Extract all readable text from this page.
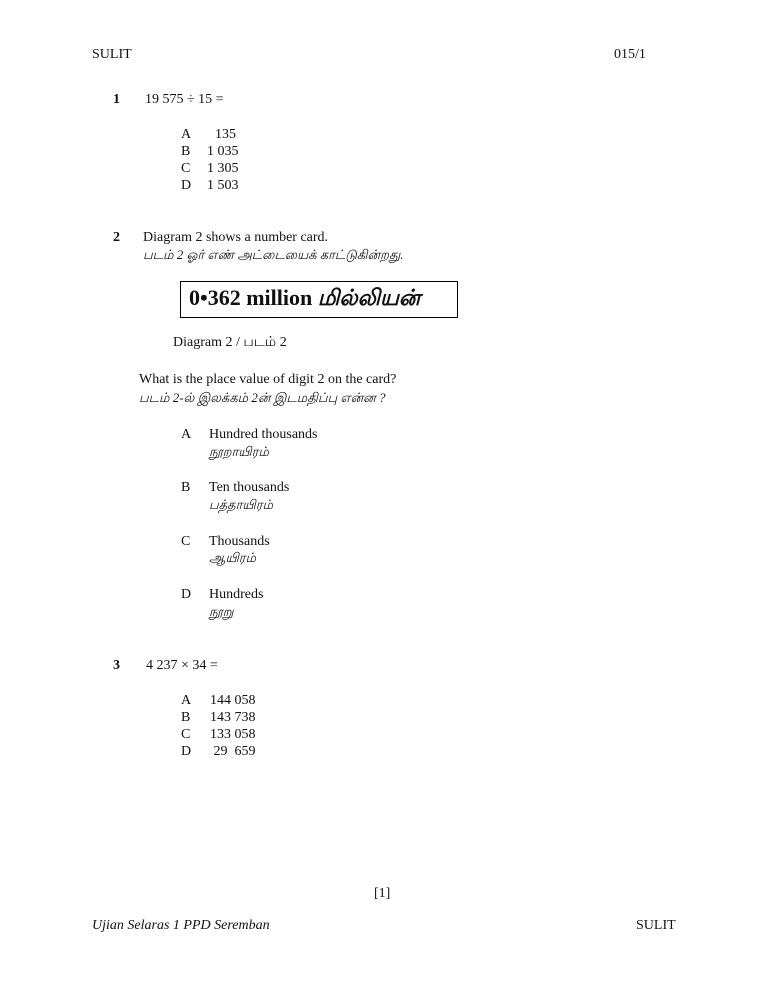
SULIT	015/1
1 19 575 ÷ 15 =
A 135
B 1 035
C 1 305
D 1 503
2 Diagram 2 shows a number card.
படம் 2 ஓர் எண் அட்டையைக் காட்டுகின்றது.
0•362 million மில்லியன்
Diagram 2 / படம் 2
What is the place value of digit 2 on the card?
படம் 2-ல் இலக்கம் 2ன் இடமதிப்பு என்ன ?
A Hundred thousands
நூறாயிரம்
B Ten thousands
பத்தாயிரம்
C Thousands
ஆயிரம்
D Hundreds
நூறு
3 4 237 × 34 =
A 144 058
B 143 738
C 133 058
D 29  659
[1]
Ujian Selaras 1 PPD Seremban	SULIT
